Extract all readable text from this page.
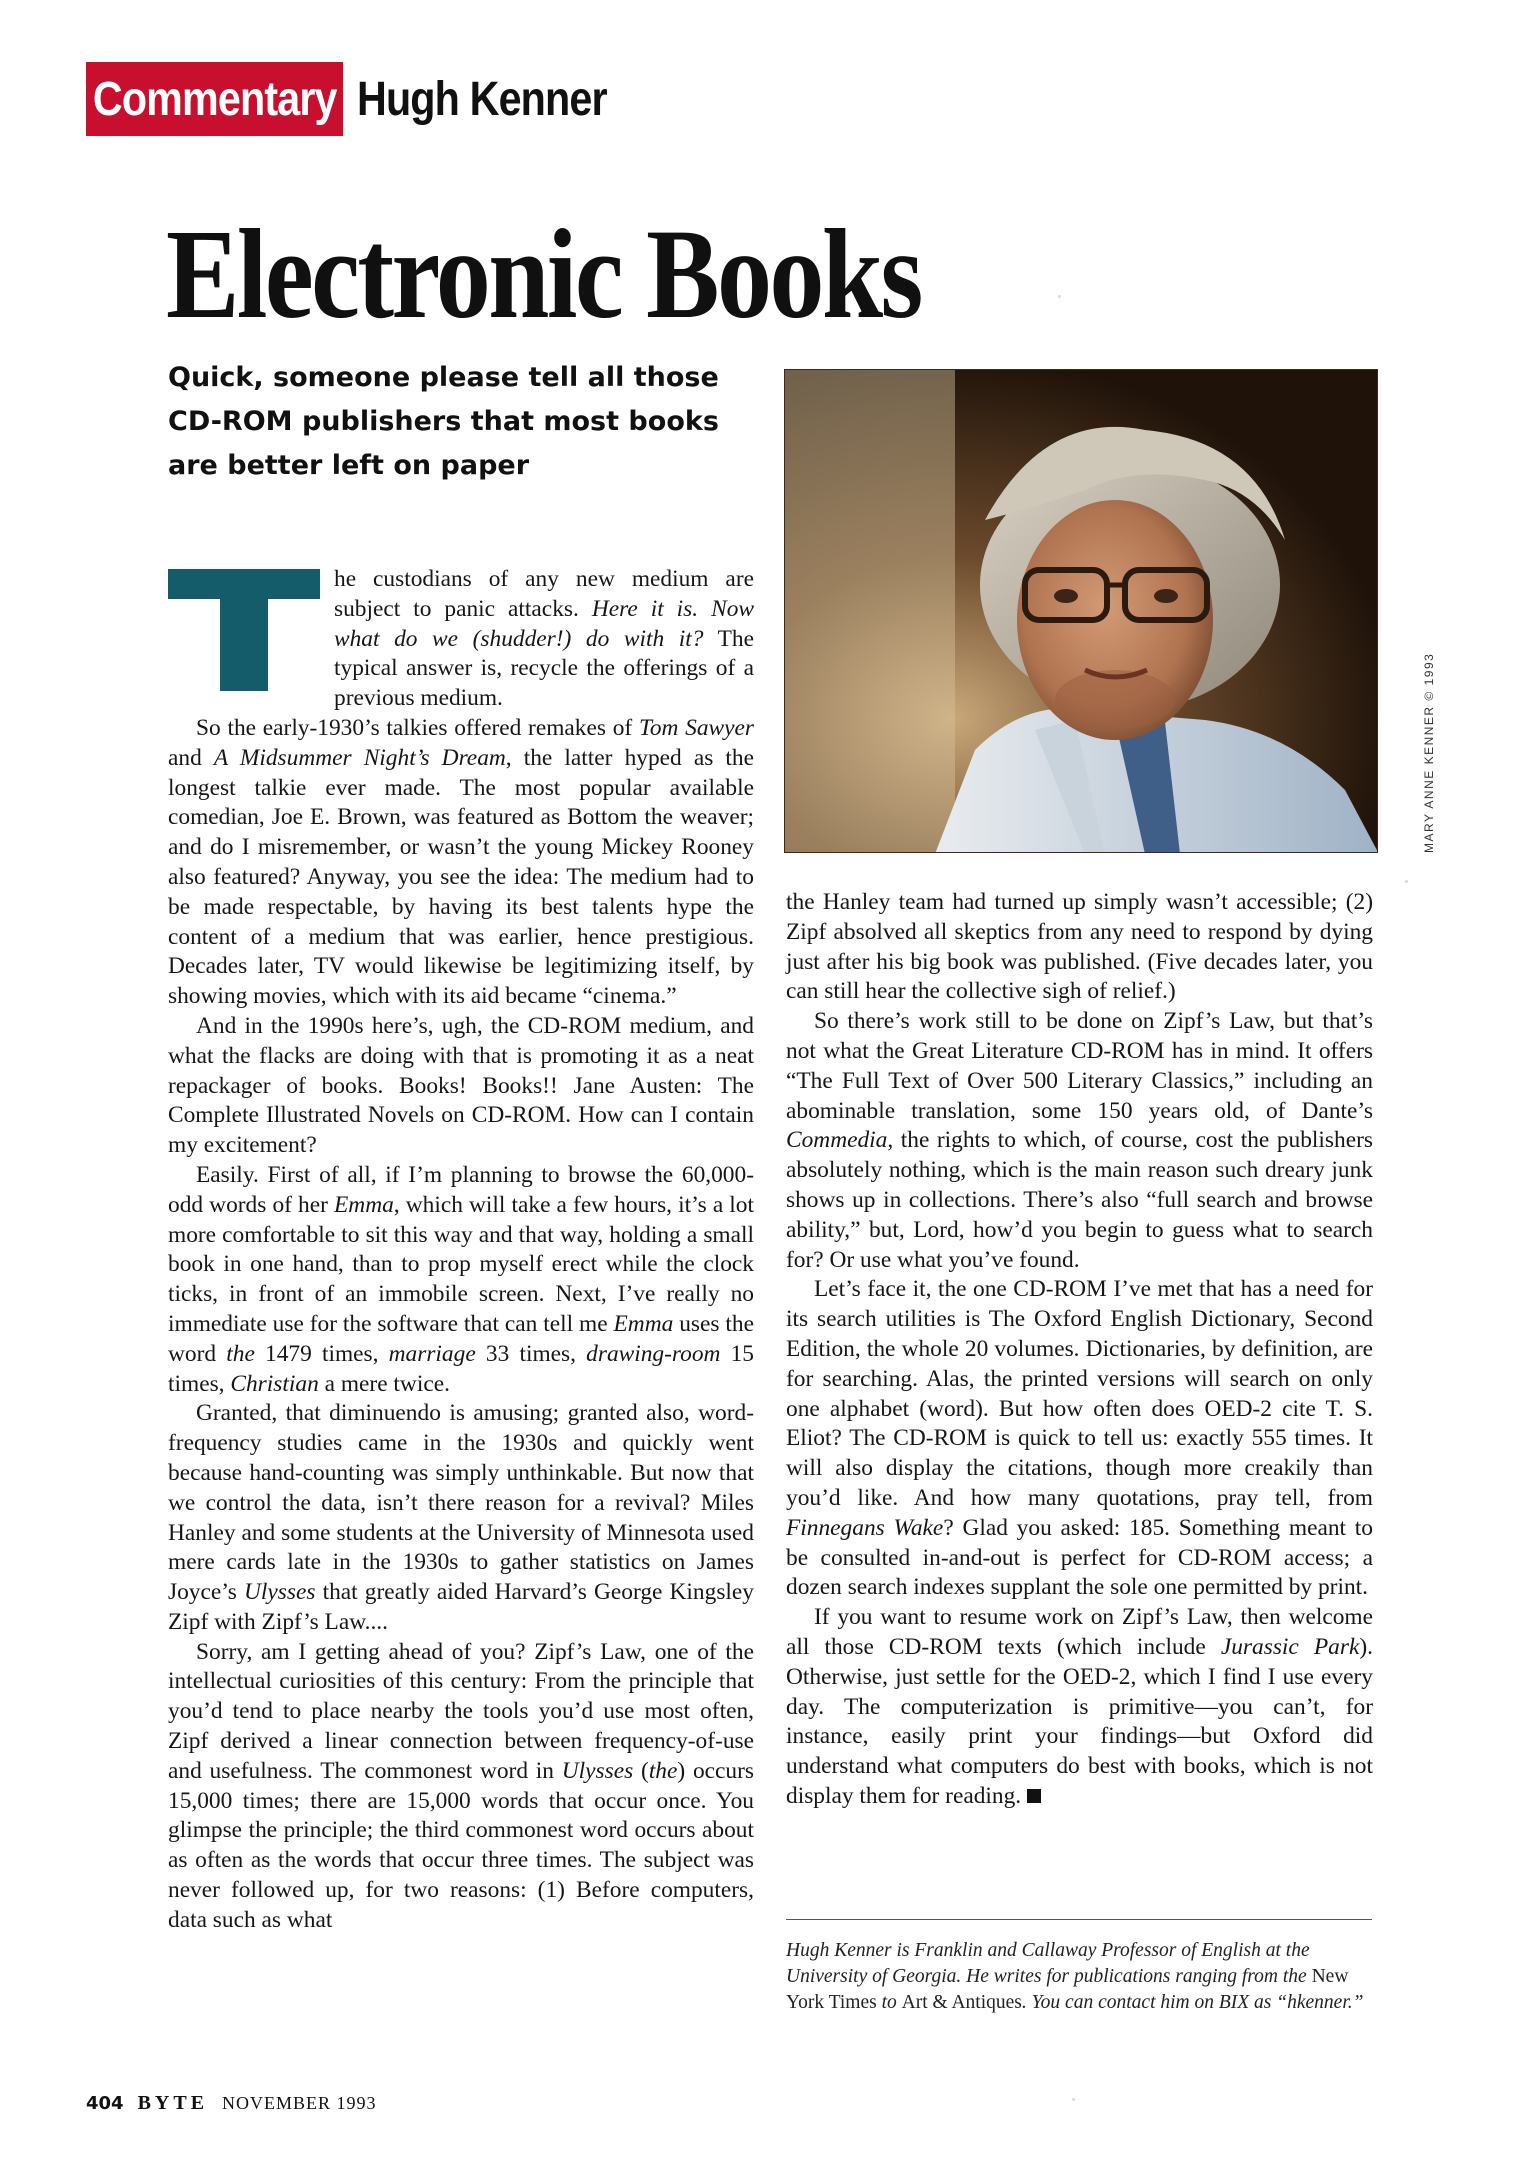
Commentary Hugh Kenner
Electronic Books

Quick, someone please tell all those CD-ROM publishers that most books are better left on paper

MARY ANNE KENNER © 1993

he custodians of any new medium are subject to panic attacks. Here it is. Now what do we (shudder!) do with it? The typical answer is, recycle the offerings of a previous medium.

So the early-1930’s talkies offered remakes of Tom Sawyer and A Midsummer Night’s Dream, the latter hyped as the longest talkie ever made. The most popular available comedian, Joe E. Brown, was featured as Bottom the weaver; and do I misremember, or wasn’t the young Mickey Rooney also featured? Anyway, you see the idea: The medium had to be made respectable, by having its best talents hype the content of a medium that was earlier, hence prestigious. Decades later, TV would likewise be legitimizing itself, by showing movies, which with its aid became “cinema.”

And in the 1990s here’s, ugh, the CD-ROM medium, and what the flacks are doing with that is promoting it as a neat repackager of books. Books! Books!! Jane Austen: The Complete Illustrated Novels on CD-ROM. How can I contain my excitement?

Easily. First of all, if I’m planning to browse the 60,000-odd words of her Emma, which will take a few hours, it’s a lot more comfortable to sit this way and that way, holding a small book in one hand, than to prop myself erect while the clock ticks, in front of an immobile screen. Next, I’ve really no immediate use for the software that can tell me Emma uses the word the 1479 times, marriage 33 times, drawing-room 15 times, Christian a mere twice.

Granted, that diminuendo is amusing; granted also, word-frequency studies came in the 1930s and quickly went because hand-counting was simply unthinkable. But now that we control the data, isn’t there reason for a revival? Miles Hanley and some students at the University of Minnesota used mere cards late in the 1930s to gather statistics on James Joyce’s Ulysses that greatly aided Harvard’s George Kingsley Zipf with Zipf’s Law....

Sorry, am I getting ahead of you? Zipf’s Law, one of the intellectual curiosities of this century: From the principle that you’d tend to place nearby the tools you’d use most often, Zipf derived a linear connection between frequency-of-use and usefulness. The commonest word in Ulysses (the) occurs 15,000 times; there are 15,000 words that occur once. You glimpse the principle; the third commonest word occurs about as often as the words that occur three times. The subject was never followed up, for two reasons: (1) Before computers, data such as what

the Hanley team had turned up simply wasn’t accessible; (2) Zipf absolved all skeptics from any need to respond by dying just after his big book was published. (Five decades later, you can still hear the collective sigh of relief.)

So there’s work still to be done on Zipf’s Law, but that’s not what the Great Literature CD-ROM has in mind. It offers “The Full Text of Over 500 Literary Classics,” including an abominable translation, some 150 years old, of Dante’s Commedia, the rights to which, of course, cost the publishers absolutely nothing, which is the main reason such dreary junk shows up in collections. There’s also “full search and browse ability,” but, Lord, how’d you begin to guess what to search for? Or use what you’ve found.

Let’s face it, the one CD-ROM I’ve met that has a need for its search utilities is The Oxford English Dictionary, Second Edition, the whole 20 volumes. Dictionaries, by definition, are for searching. Alas, the printed versions will search on only one alphabet (word). But how often does OED-2 cite T. S. Eliot? The CD-ROM is quick to tell us: exactly 555 times. It will also display the citations, though more creakily than you’d like. And how many quotations, pray tell, from Finnegans Wake? Glad you asked: 185. Something meant to be consulted in-and-out is perfect for CD-ROM access; a dozen search indexes supplant the sole one permitted by print.

If you want to resume work on Zipf’s Law, then welcome all those CD-ROM texts (which include Jurassic Park). Otherwise, just settle for the OED-2, which I find I use every day. The computerization is primitive—you can’t, for instance, easily print your findings—but Oxford did understand what computers do best with books, which is not display them for reading.

Hugh Kenner is Franklin and Callaway Professor of English at the University of Georgia. He writes for publications ranging from the New York Times to Art & Antiques. You can contact him on BIX as “hkenner.”

404 BYTE NOVEMBER 1993
